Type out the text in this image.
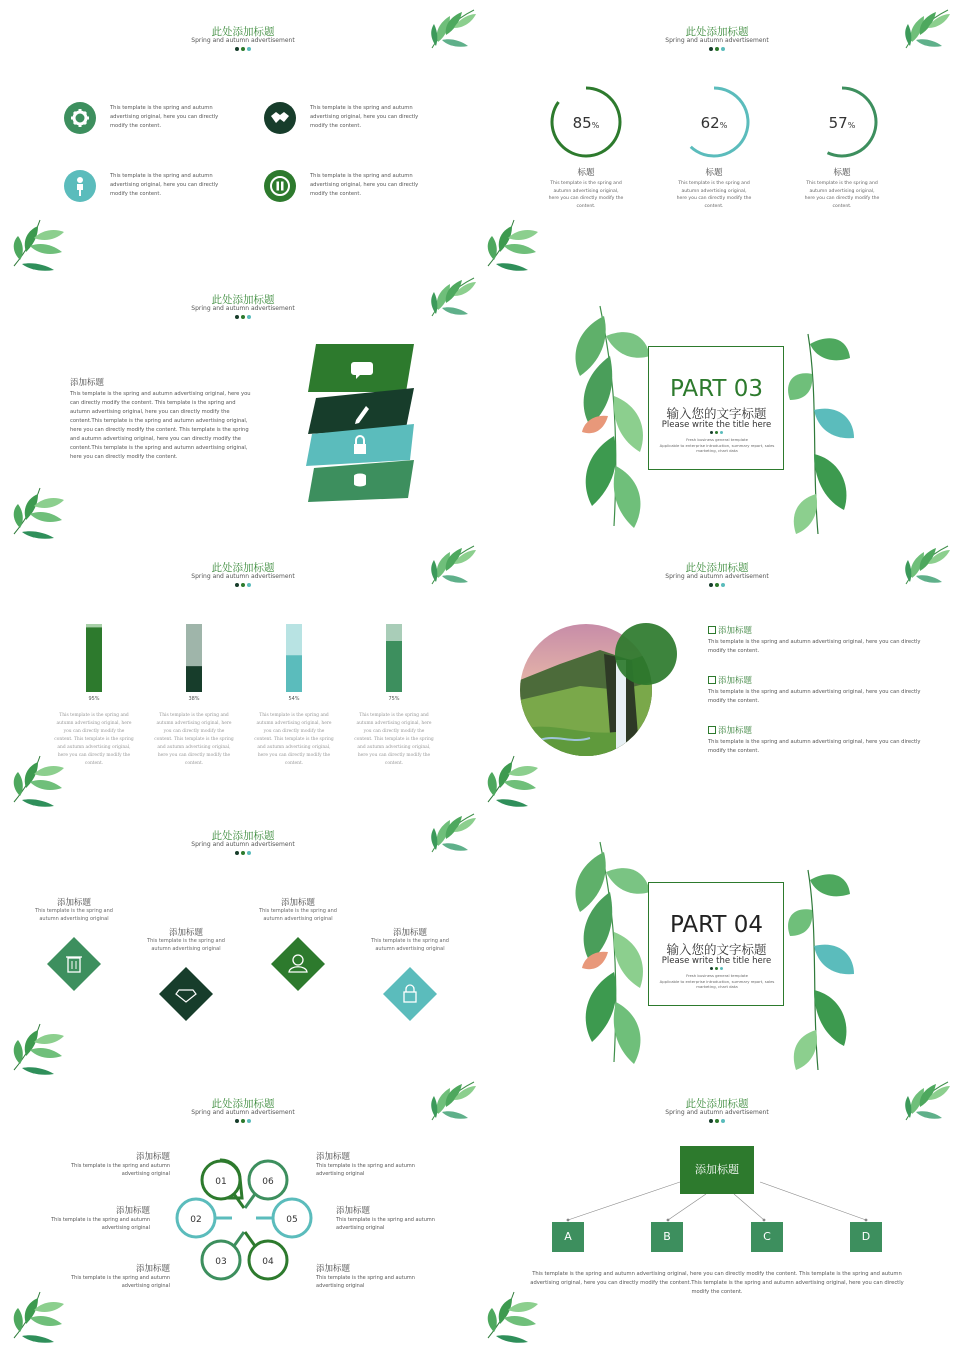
此处添加标题
Spring and autumn advertisement
This template is the spring and autumn advertising original, here you can directly modify the content.
This template is the spring and autumn advertising original, here you can directly modify the content.
This template is the spring and autumn advertising original, here you can directly modify the content.
This template is the spring and autumn advertising original, here you can directly modify the content.
此处添加标题
Spring and autumn advertisement
85%	62%	57%
标题	标题	标题
This template is the spring and autumn advertising original, here you can directly modify the content.
This template is the spring and autumn advertising original, here you can directly modify the content.
This template is the spring and autumn advertising original, here you can directly modify the content.
此处添加标题
Spring and autumn advertisement
添加标题
This template is the spring and autumn advertising original, here you can directly modify the content. This template is the spring and autumn advertising original, here you can directly modify the content.This template is the spring and autumn advertising original, here you can directly modify the content. This template is the spring and autumn advertising original, here you can directly modify the content.This template is the spring and autumn advertising original, here you can directly modify the content.
PART 03
输入您的文字标题
Please write the title here
Fresh business general template
Applicable to enterprise introduction, summary report, sales marketing, chart data
此处添加标题
Spring and autumn advertisement
95%	38%	54%	75%
This template is the spring and autumn advertising original, here you can directly modify the content. This template is the spring and autumn advertising original, here you can directly modify the content.
This template is the spring and autumn advertising original, here you can directly modify the content. This template is the spring and autumn advertising original, here you can directly modify the content.
This template is the spring and autumn advertising original, here you can directly modify the content. This template is the spring and autumn advertising original, here you can directly modify the content.
This template is the spring and autumn advertising original, here you can directly modify the content. This template is the spring and autumn advertising original, here you can directly modify the content.
此处添加标题
Spring and autumn advertisement
添加标题
This template is the spring and autumn advertising original, here you can directly modify the content.
添加标题
This template is the spring and autumn advertising original, here you can directly modify the content.
添加标题
This template is the spring and autumn advertising original, here you can directly modify the content.
此处添加标题
Spring and autumn advertisement
添加标题
This template is the spring and autumn advertising original
添加标题
This template is the spring and autumn advertising original
添加标题
This template is the spring and autumn advertising original
添加标题
This template is the spring and autumn advertising original
PART 04
输入您的文字标题
Please write the title here
Fresh business general template
Applicable to enterprise introduction, summary report, sales marketing, chart data
此处添加标题
Spring and autumn advertisement
添加标题
This template is the spring and autumn advertising original
添加标题
This template is the spring and autumn advertising original
添加标题
This template is the spring and autumn advertising original
添加标题
This template is the spring and autumn advertising original
添加标题
This template is the spring and autumn advertising original
添加标题
This template is the spring and autumn advertising original
01	06
02	05
03	04
此处添加标题
Spring and autumn advertisement
添加标题
A	B	C	D
This template is the spring and autumn advertising original, here you can directly modify the content. This template is the spring and autumn advertising original, here you can directly modify the content.This template is the spring and autumn advertising original, here you can directly modify the content.
